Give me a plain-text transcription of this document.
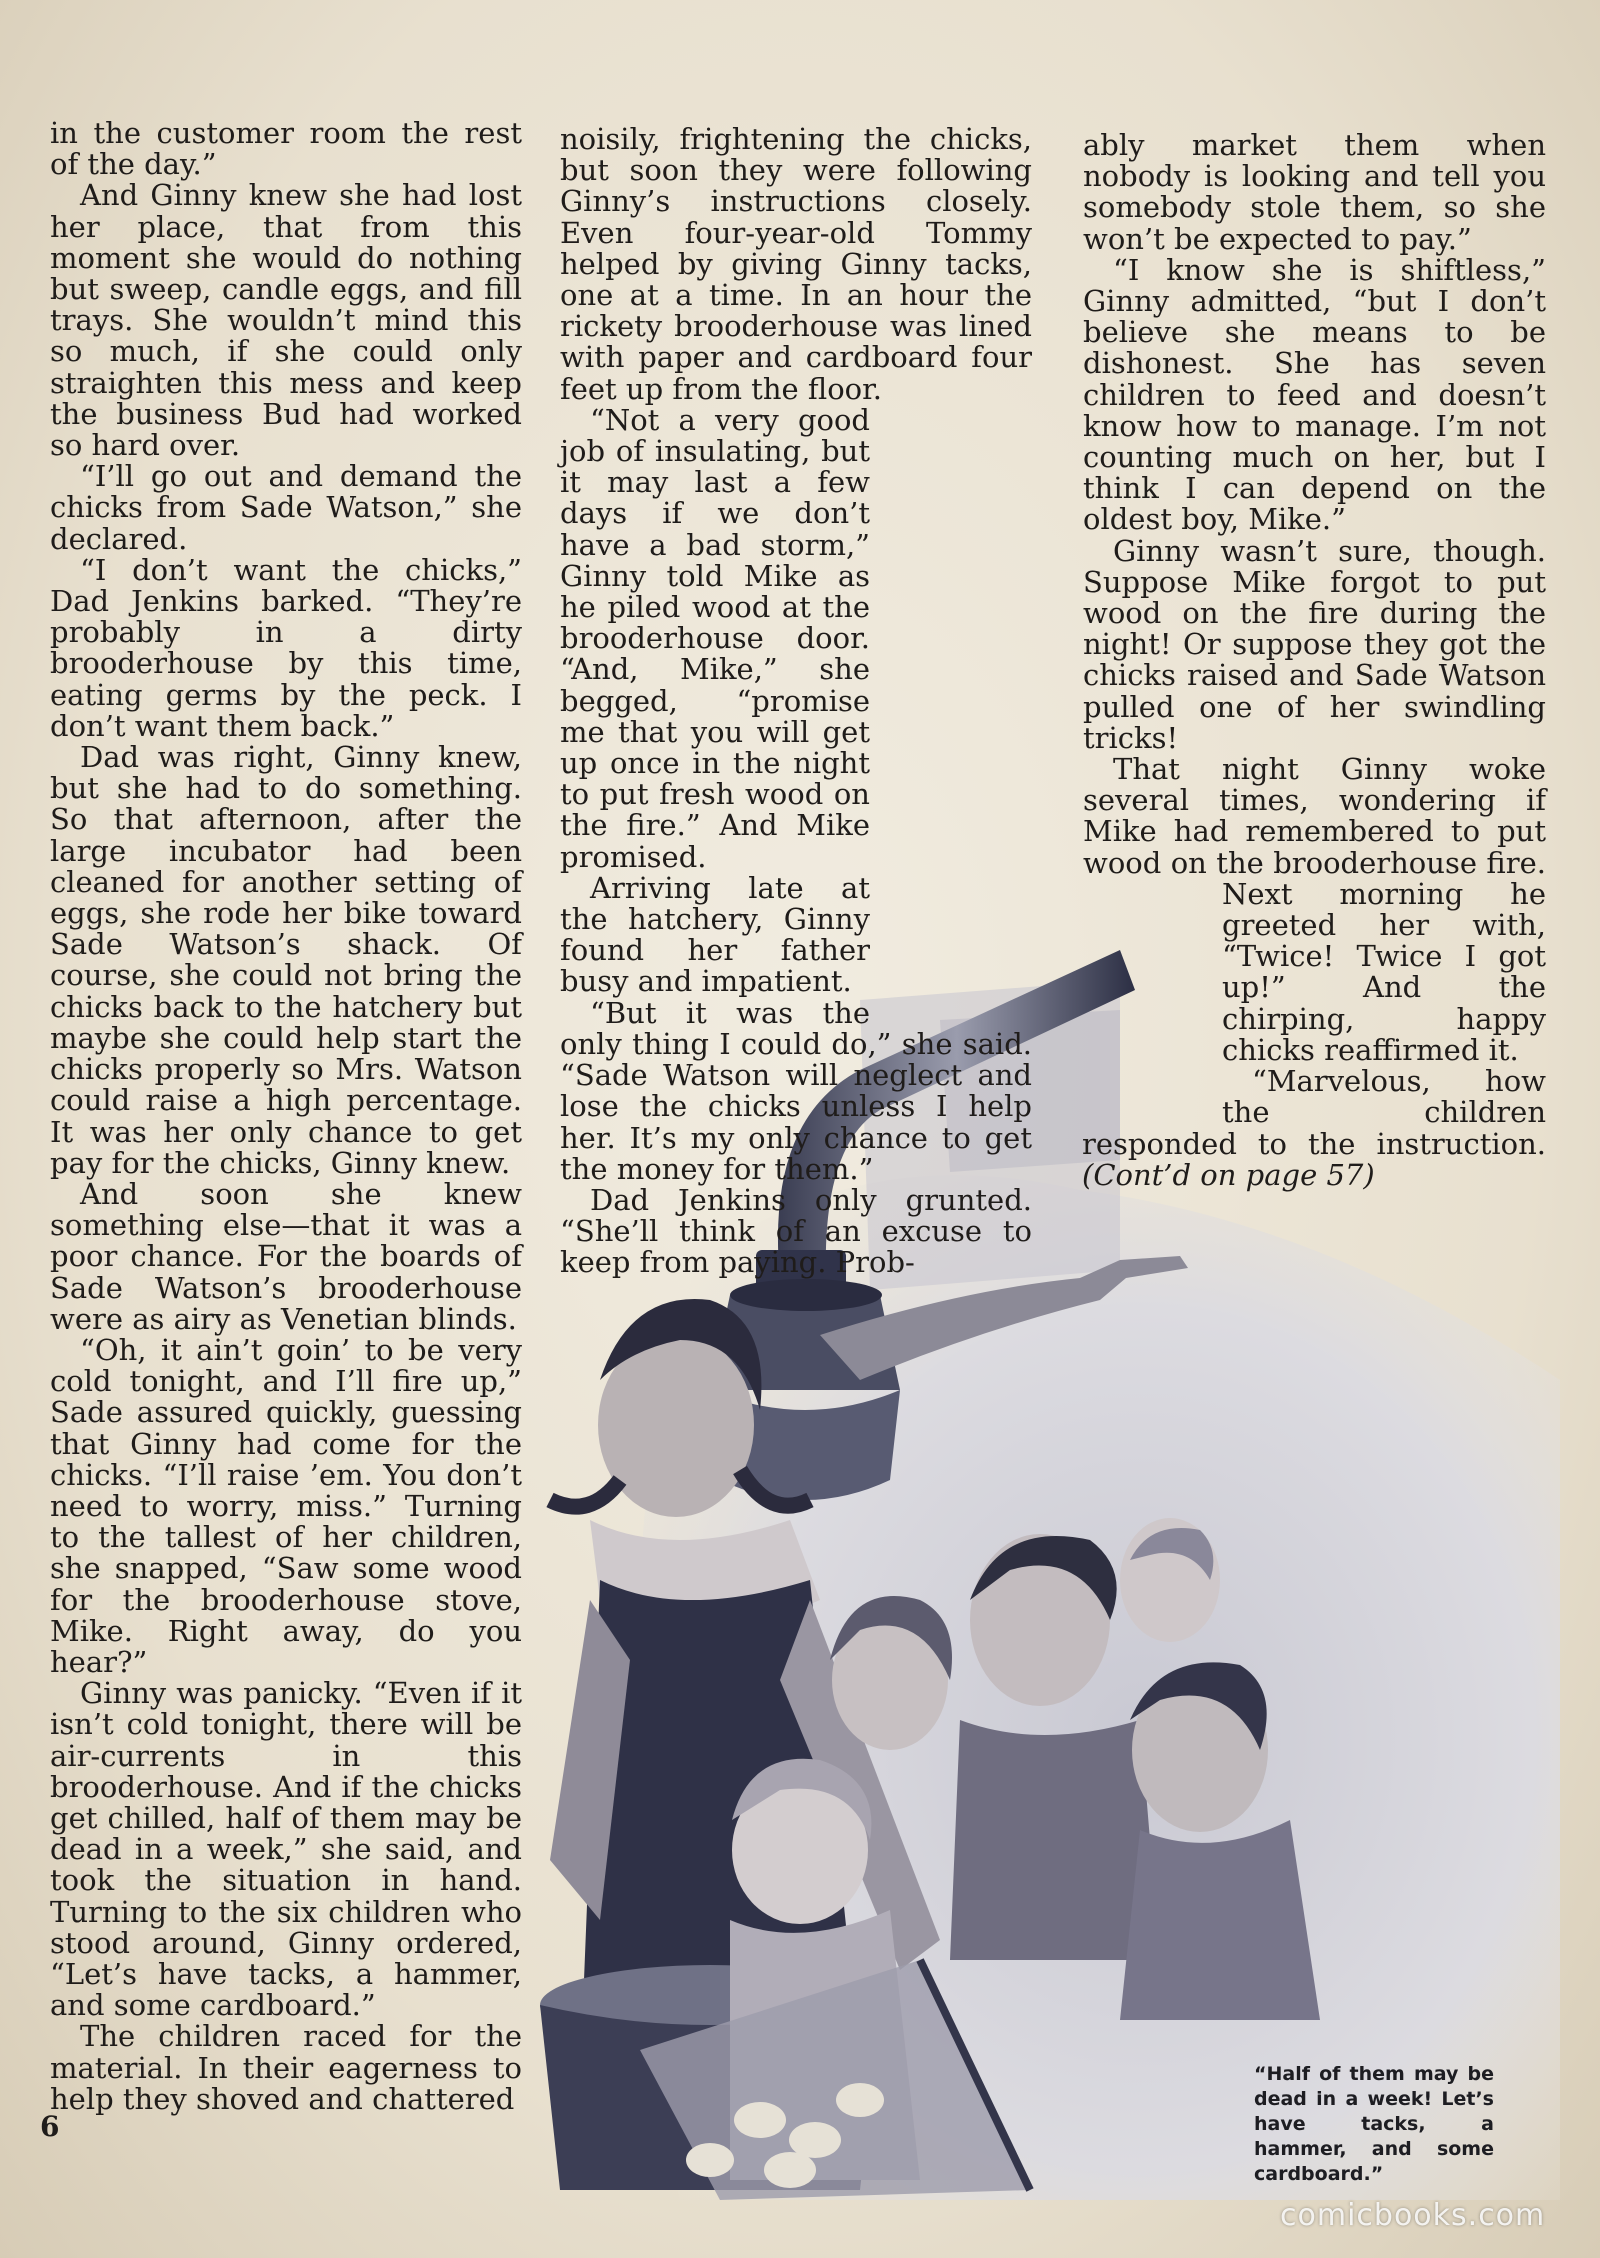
in the customer room the rest of the day.”

And Ginny knew she had lost her place, that from this moment she would do nothing but sweep, candle eggs, and fill trays. She wouldn’t mind this so much, if she could only straighten this mess and keep the business Bud had worked so hard over.

“I’ll go out and demand the chicks from Sade Watson,” she declared.

“I don’t want the chicks,” Dad Jenkins barked. “They’re probably in a dirty brooderhouse by this time, eating germs by the peck. I don’t want them back.”

Dad was right, Ginny knew, but she had to do something. So that afternoon, after the large incubator had been cleaned for another setting of eggs, she rode her bike toward Sade Watson’s shack. Of course, she could not bring the chicks back to the hatchery but maybe she could help start the chicks properly so Mrs. Watson could raise a high percentage. It was her only chance to get pay for the chicks, Ginny knew.

And soon she knew something else—that it was a poor chance. For the boards of Sade Watson’s brooderhouse were as airy as Venetian blinds.

“Oh, it ain’t goin’ to be very cold tonight, and I’ll fire up,” Sade assured quickly, guessing that Ginny had come for the chicks. “I’ll raise ’em. You don’t need to worry, miss.” Turning to the tallest of her children, she snapped, “Saw some wood for the brooderhouse stove, Mike. Right away, do you hear?”

Ginny was panicky. “Even if it isn’t cold tonight, there will be air-currents in this brooderhouse. And if the chicks get chilled, half of them may be dead in a week,” she said, and took the situation in hand. Turning to the six children who stood around, Ginny ordered, “Let’s have tacks, a hammer, and some cardboard.”

The children raced for the material. In their eagerness to help they shoved and chattered

noisily, frightening the chicks, but soon they were following Ginny’s instructions closely. Even four-year-old Tommy helped by giving Ginny tacks, one at a time. In an hour the rickety brooderhouse was lined with paper and cardboard four feet up from the floor.

“Not a very good job of insulating, but it may last a few days if we don’t have a bad storm,” Ginny told Mike as he piled wood at the brooderhouse door. “And, Mike,” she begged, “promise me that you will get up once in the night to put fresh wood on the fire.” And Mike promised.

Arriving late at the hatchery, Ginny found her father busy and impatient.

“But it was the only thing I could do,” she said. “Sade Watson will neglect and lose the chicks unless I help her. It’s my only chance to get the money for them.”

Dad Jenkins only grunted. “She’ll think of an excuse to keep from paying. Prob-

ably market them when nobody is looking and tell you somebody stole them, so she won’t be expected to pay.”

“I know she is shiftless,” Ginny admitted, “but I don’t believe she means to be dishonest. She has seven children to feed and doesn’t know how to manage. I’m not counting much on her, but I think I can depend on the oldest boy, Mike.”

Ginny wasn’t sure, though. Suppose Mike forgot to put wood on the fire during the night! Or suppose they got the chicks raised and Sade Watson pulled one of her swindling tricks!

That night Ginny woke several times, wondering if Mike had remembered to put wood on the brooderhouse fire. Next morning he greeted her with, “Twice! Twice I got up!” And the chirping, happy chicks reaffirmed it.

“Marvelous, how the children responded to the instruction. (Cont’d on page 57)

“Half of them may be dead in a week! Let’s have tacks, a hammer, and some cardboard.”
6
comicbooks.com
